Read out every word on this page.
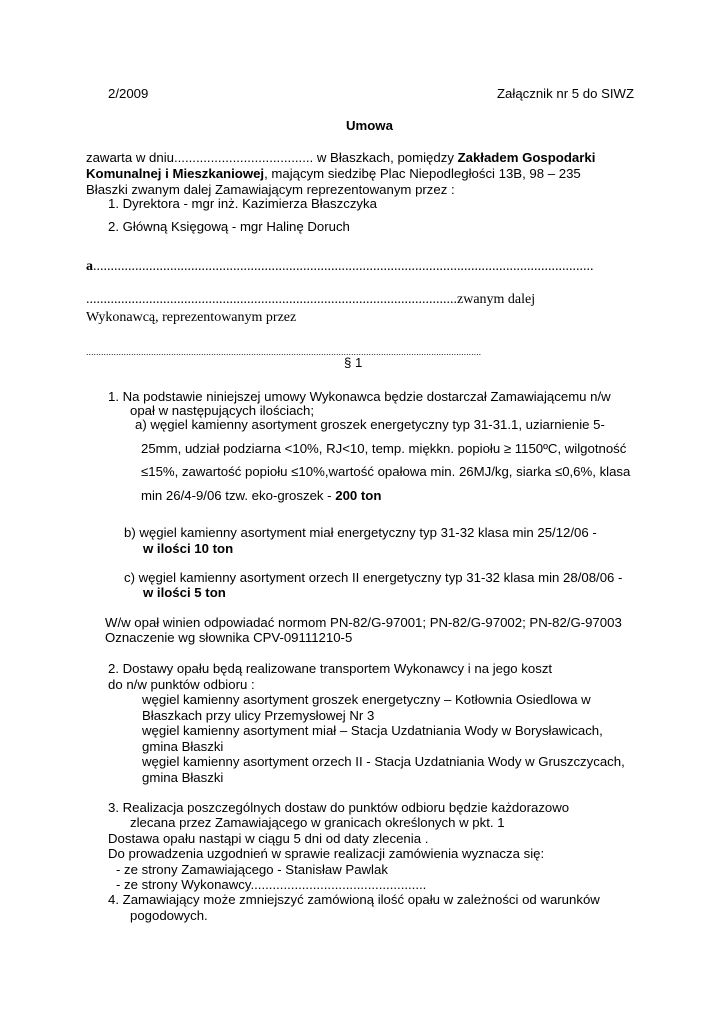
2/2009	Załącznik nr 5 do SIWZ
Umowa
zawarta w dniu...................................... w Błaszkach, pomiędzy Zakładem Gospodarki
Komunalnej i Mieszkaniowej, mającym siedzibę Plac Niepodległości 13B, 98 – 235
Błaszki zwanym dalej Zamawiającym reprezentowanym przez :
1. Dyrektora - mgr inż. Kazimierza Błaszczyka
2. Główną Księgową - mgr Halinę Doruch
a...............................................................................................................................................
..........................................................................................................zwanym dalej
Wykonawcą, reprezentowanym przez
..............................................................................................................................................................
§ 1
1. Na podstawie niniejszej umowy Wykonawca będzie dostarczał Zamawiającemu n/w
opał w następujących ilościach;
a) węgiel kamienny asortyment groszek energetyczny typ 31-31.1, uziarnienie 5-
25mm, udział podziarna <10%, RJ<10, temp. miękkn. popiołu ≥ 1150ºC, wilgotność
≤15%, zawartość popiołu ≤10%,wartość opałowa min. 26MJ/kg, siarka ≤0,6%, klasa
min 26/4-9/06 tzw. eko-groszek - 200 ton
b) węgiel kamienny asortyment miał energetyczny typ 31-32 klasa min 25/12/06 -
w ilości 10 ton
c) węgiel kamienny asortyment orzech II energetyczny typ 31-32 klasa min 28/08/06 -
w ilości 5 ton
W/w opał winien odpowiadać normom PN-82/G-97001; PN-82/G-97002; PN-82/G-97003
Oznaczenie wg słownika CPV-09111210-5
2. Dostawy opału będą realizowane transportem Wykonawcy i na jego koszt
do n/w punktów odbioru :
węgiel kamienny asortyment groszek energetyczny – Kotłownia Osiedlowa w
Błaszkach przy ulicy Przemysłowej Nr 3
węgiel kamienny asortyment miał – Stacja Uzdatniania Wody w Borysławicach,
gmina Błaszki
węgiel kamienny asortyment orzech II - Stacja Uzdatniania Wody w Gruszczycach,
gmina Błaszki
3. Realizacja poszczególnych dostaw do punktów odbioru będzie każdorazowo
zlecana przez Zamawiającego w granicach określonych w pkt. 1
Dostawa opału nastąpi w ciągu 5 dni od daty zlecenia .
Do prowadzenia uzgodnień w sprawie realizacji zamówienia wyznacza się:
- ze strony Zamawiającego - Stanisław Pawlak
- ze strony Wykonawcy................................................
4. Zamawiający może zmniejszyć zamówioną ilość opału w zależności od warunków
pogodowych.
